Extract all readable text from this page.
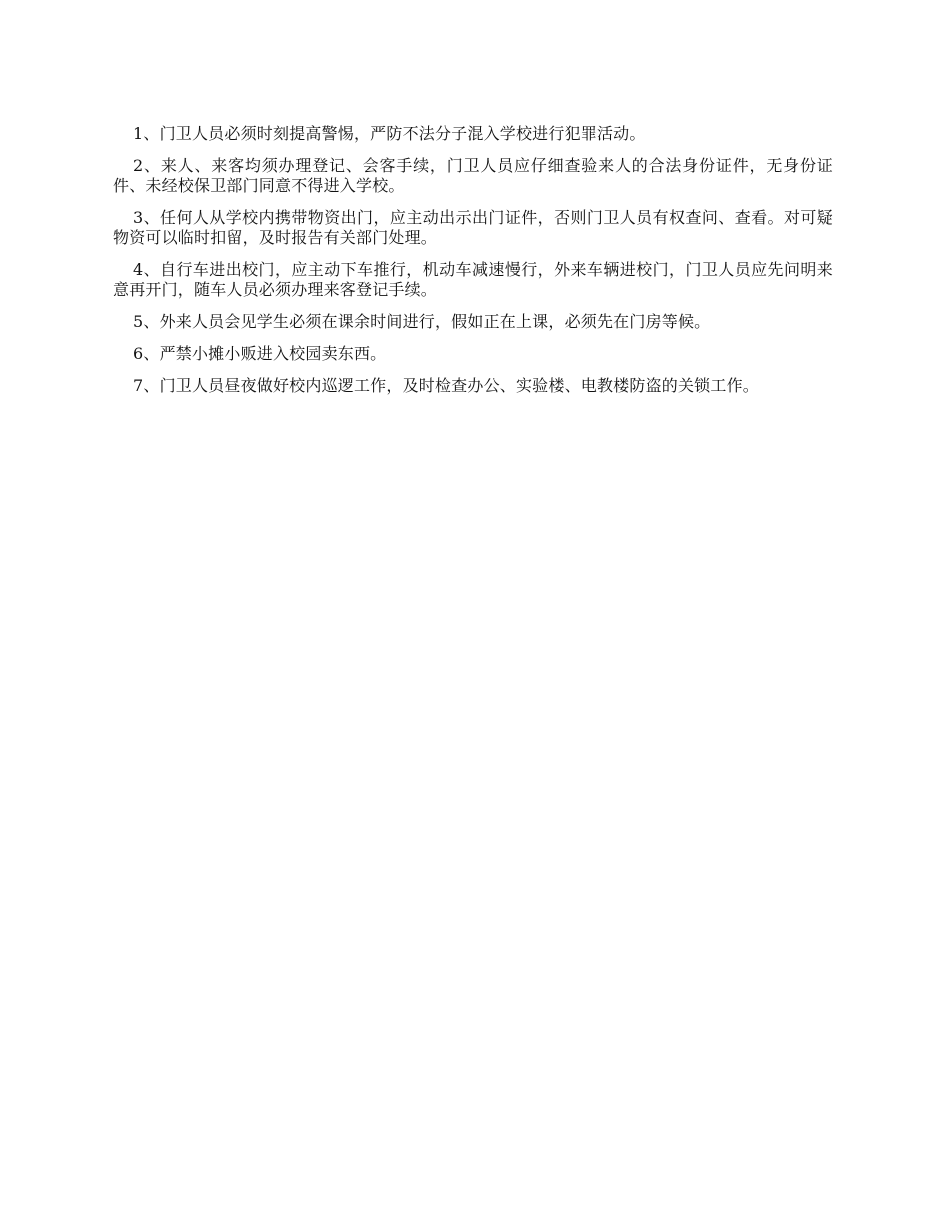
1、门卫人员必须时刻提高警惕，严防不法分子混入学校进行犯罪活动。

2、来人、来客均须办理登记、会客手续，门卫人员应仔细查验来人的合法身份证件，无身份证件、未经校保卫部门同意不得进入学校。

3、任何人从学校内携带物资出门，应主动出示出门证件，否则门卫人员有权查问、查看。对可疑物资可以临时扣留，及时报告有关部门处理。

4、自行车进出校门，应主动下车推行，机动车减速慢行，外来车辆进校门，门卫人员应先问明来意再开门，随车人员必须办理来客登记手续。

5、外来人员会见学生必须在课余时间进行，假如正在上课，必须先在门房等候。

6、严禁小摊小贩进入校园卖东西。

7、门卫人员昼夜做好校内巡逻工作，及时检查办公、实验楼、电教楼防盗的关锁工作。
